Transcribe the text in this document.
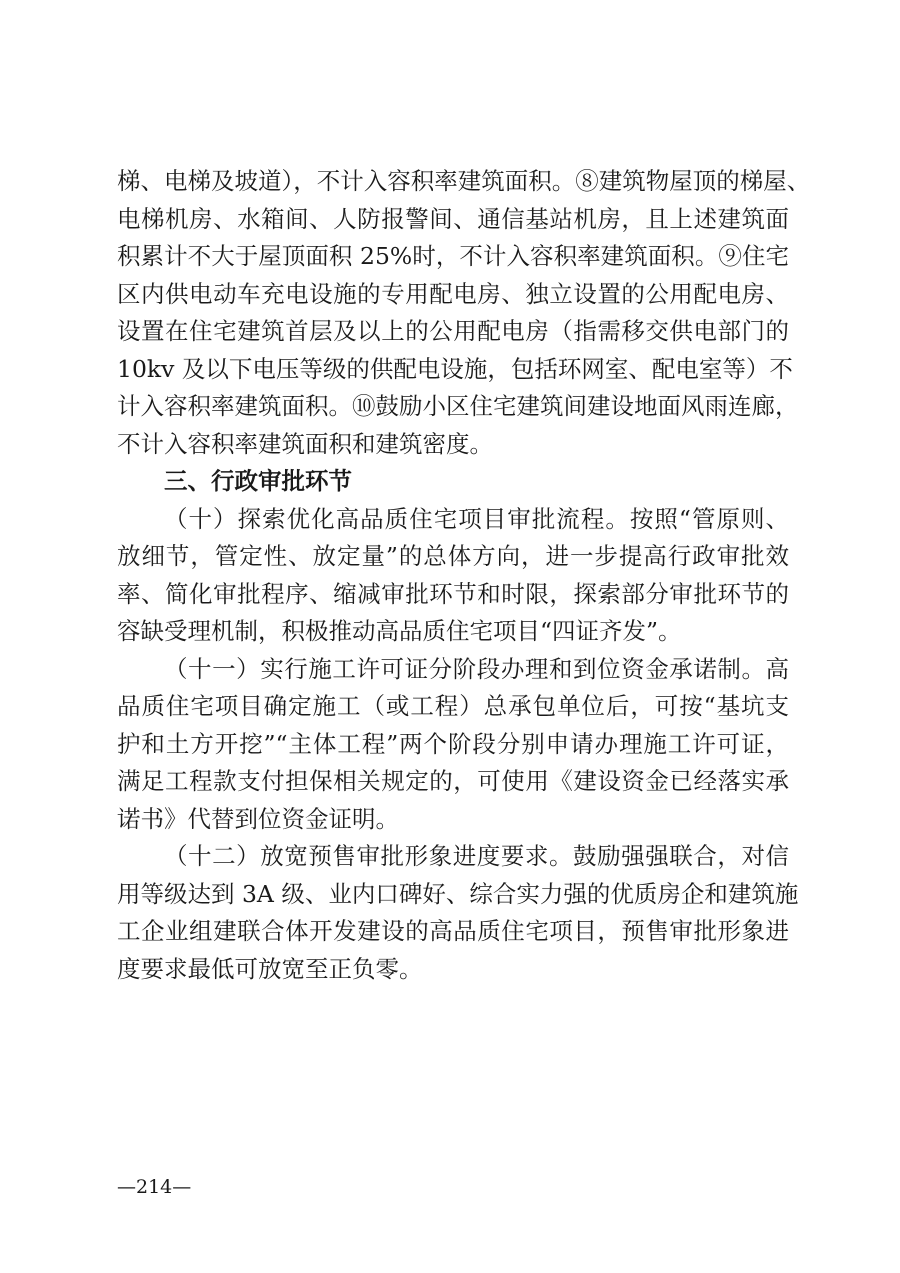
梯、电梯及坡道），不计入容积率建筑面积。⑧建筑物屋顶的梯屋、
电梯机房、水箱间、人防报警间、通信基站机房，且上述建筑面
积累计不大于屋顶面积 25%时，不计入容积率建筑面积。⑨住宅
区内供电动车充电设施的专用配电房、独立设置的公用配电房、
设置在住宅建筑首层及以上的公用配电房（指需移交供电部门的
10kv 及以下电压等级的供配电设施，包括环网室、配电室等）不
计入容积率建筑面积。⑩鼓励小区住宅建筑间建设地面风雨连廊，
不计入容积率建筑面积和建筑密度。
三、行政审批环节
（十）探索优化高品质住宅项目审批流程。按照“管原则、
放细节，管定性、放定量”的总体方向，进一步提高行政审批效
率、简化审批程序、缩减审批环节和时限，探索部分审批环节的
容缺受理机制，积极推动高品质住宅项目“四证齐发”。
（十一）实行施工许可证分阶段办理和到位资金承诺制。高
品质住宅项目确定施工（或工程）总承包单位后，可按“基坑支
护和土方开挖”“主体工程”两个阶段分别申请办理施工许可证，
满足工程款支付担保相关规定的，可使用《建设资金已经落实承
诺书》代替到位资金证明。
（十二）放宽预售审批形象进度要求。鼓励强强联合，对信
用等级达到 3A 级、业内口碑好、综合实力强的优质房企和建筑施
工企业组建联合体开发建设的高品质住宅项目，预售审批形象进
度要求最低可放宽至正负零。
—214—
